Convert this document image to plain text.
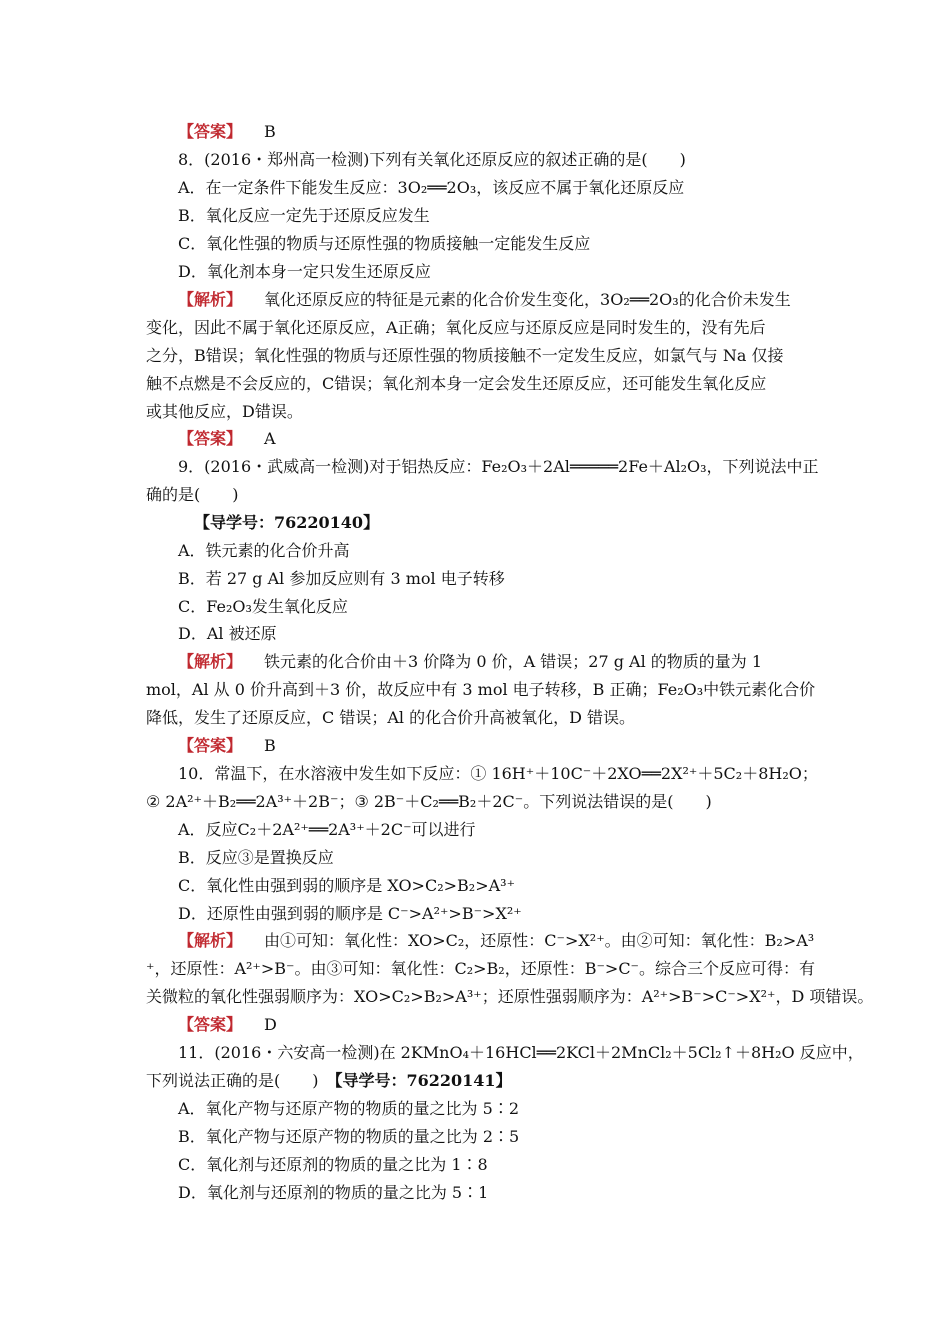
【答案】 B
8．(2016・郑州高一检测)下列有关氧化还原反应的叙述正确的是(　　)
A．在一定条件下能发生反应：3O₂══2O₃，该反应不属于氧化还原反应
B．氧化反应一定先于还原反应发生
C．氧化性强的物质与还原性强的物质接触一定能发生反应
D．氧化剂本身一定只发生还原反应
【解析】 氧化还原反应的特征是元素的化合价发生变化，3O₂══2O₃的化合价未发生
变化，因此不属于氧化还原反应，A正确；氧化反应与还原反应是同时发生的，没有先后
之分，B错误；氧化性强的物质与还原性强的物质接触不一定发生反应，如氯气与 Na 仅接
触不点燃是不会反应的，C错误；氧化剂本身一定会发生还原反应，还可能发生氧化反应
或其他反应，D错误。
【答案】 A
9．(2016・武威高一检测)对于铝热反应：Fe₂O₃＋2Al═════2Fe＋Al₂O₃，下列说法中正
确的是(　　)
【导学号：76220140】
A．铁元素的化合价升高
B．若 27 g Al 参加反应则有 3 mol 电子转移
C．Fe₂O₃发生氧化反应
D．Al 被还原
【解析】 铁元素的化合价由＋3 价降为 0 价，A 错误；27 g Al 的物质的量为 1
mol，Al 从 0 价升高到＋3 价，故反应中有 3 mol 电子转移，B 正确；Fe₂O₃中铁元素化合价
降低，发生了还原反应，C 错误；Al 的化合价升高被氧化，D 错误。
【答案】 B
10．常温下，在水溶液中发生如下反应：① 16H⁺＋10C⁻＋2XO══2X²⁺＋5C₂＋8H₂O；
② 2A²⁺＋B₂══2A³⁺＋2B⁻；③ 2B⁻＋C₂══B₂＋2C⁻。下列说法错误的是(　　)
A．反应C₂＋2A²⁺══2A³⁺＋2C⁻可以进行
B．反应③是置换反应
C．氧化性由强到弱的顺序是 XO>C₂>B₂>A³⁺
D．还原性由强到弱的顺序是 C⁻>A²⁺>B⁻>X²⁺
【解析】 由①可知：氧化性：XO>C₂，还原性：C⁻>X²⁺。由②可知：氧化性：B₂>A³
⁺，还原性：A²⁺>B⁻。由③可知：氧化性：C₂>B₂，还原性：B⁻>C⁻。综合三个反应可得：有
关微粒的氧化性强弱顺序为：XO>C₂>B₂>A³⁺；还原性强弱顺序为：A²⁺>B⁻>C⁻>X²⁺，D 项错误。
【答案】 D
11．(2016・六安高一检测)在 2KMnO₄＋16HCl══2KCl＋2MnCl₂＋5Cl₂↑＋8H₂O 反应中，
下列说法正确的是(　　) 【导学号：76220141】
A．氧化产物与还原产物的物质的量之比为 5∶2
B．氧化产物与还原产物的物质的量之比为 2∶5
C．氧化剂与还原剂的物质的量之比为 1∶8
D．氧化剂与还原剂的物质的量之比为 5∶1
